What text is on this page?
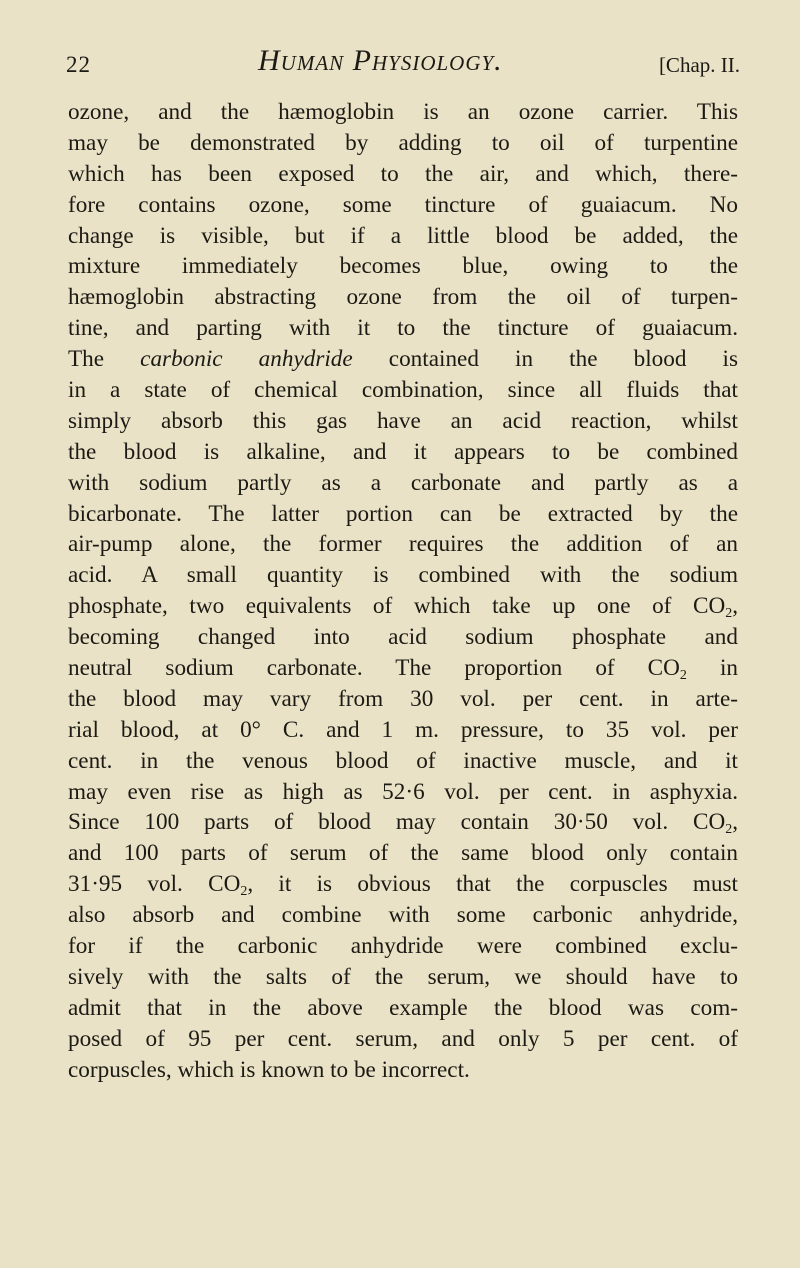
22	Human Physiology.	[Chap. II.
ozone, and the hæmoglobin is an ozone carrier. This
may be demonstrated by adding to oil of turpentine
which has been exposed to the air, and which, there-
fore contains ozone, some tincture of guaiacum. No
change is visible, but if a little blood be added, the
mixture immediately becomes blue, owing to the
hæmoglobin abstracting ozone from the oil of turpen-
tine, and parting with it to the tincture of guaiacum.
The carbonic anhydride contained in the blood is
in a state of chemical combination, since all fluids that
simply absorb this gas have an acid reaction, whilst
the blood is alkaline, and it appears to be combined
with sodium partly as a carbonate and partly as a
bicarbonate. The latter portion can be extracted by the
air-pump alone, the former requires the addition of an
acid. A small quantity is combined with the sodium
phosphate, two equivalents of which take up one of $CO_2$,
becoming changed into acid sodium phosphate and
neutral sodium carbonate. The proportion of $CO_2$ in
the blood may vary from 30 vol. per cent. in arte-
rial blood, at 0° C. and 1 m. pressure, to 35 vol. per
cent. in the venous blood of inactive muscle, and it
may even rise as high as 52·6 vol. per cent. in asphyxia.
Since 100 parts of blood may contain 30·50 vol. $CO_2$,
and 100 parts of serum of the same blood only contain
31·95 vol. $CO_2$, it is obvious that the corpuscles must
also absorb and combine with some carbonic anhydride,
for if the carbonic anhydride were combined exclu-
sively with the salts of the serum, we should have to
admit that in the above example the blood was com-
posed of 95 per cent. serum, and only 5 per cent. of
corpuscles, which is known to be incorrect.
